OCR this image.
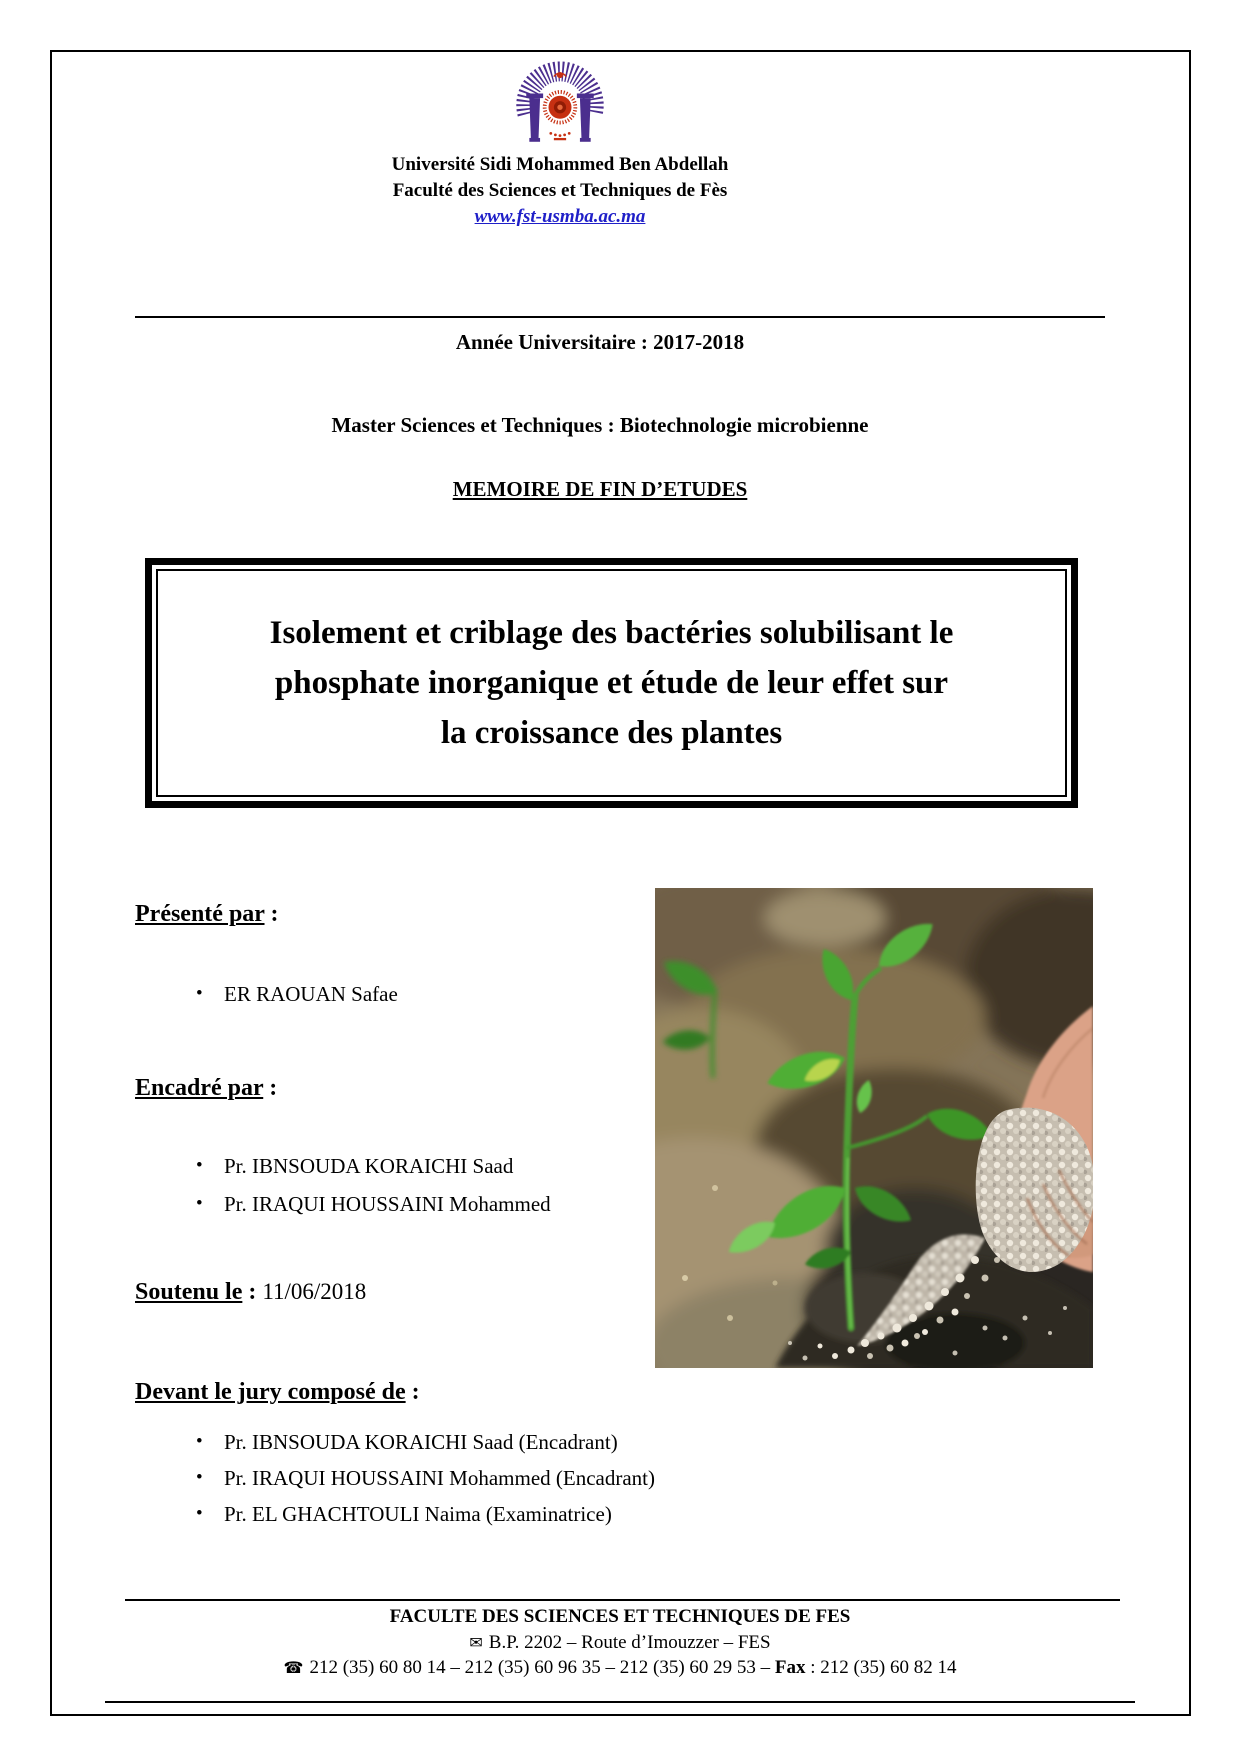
Université Sidi Mohammed Ben Abdellah
Faculté des Sciences et Techniques de Fès
www.fst-usmba.ac.ma
Année Universitaire : 2017-2018
Master Sciences et Techniques : Biotechnologie microbienne
MEMOIRE DE FIN D’ETUDES
Isolement et criblage des bactéries solubilisant le
phosphate inorganique et étude de leur effet sur
la croissance des plantes
Présenté par :
• ER RAOUAN Safae
Encadré par :
• Pr. IBNSOUDA KORAICHI Saad
• Pr. IRAQUI HOUSSAINI Mohammed
Soutenu le : 11/06/2018
Devant le jury composé de :
• Pr. IBNSOUDA KORAICHI Saad (Encadrant)
• Pr. IRAQUI HOUSSAINI Mohammed (Encadrant)
• Pr. EL GHACHTOULI Naima (Examinatrice)
FACULTE DES SCIENCES ET TECHNIQUES DE FES
✉ B.P. 2202 – Route d’Imouzzer – FES
☎ 212 (35) 60 80 14 – 212 (35) 60 96 35 – 212 (35) 60 29 53 – Fax : 212 (35) 60 82 14
